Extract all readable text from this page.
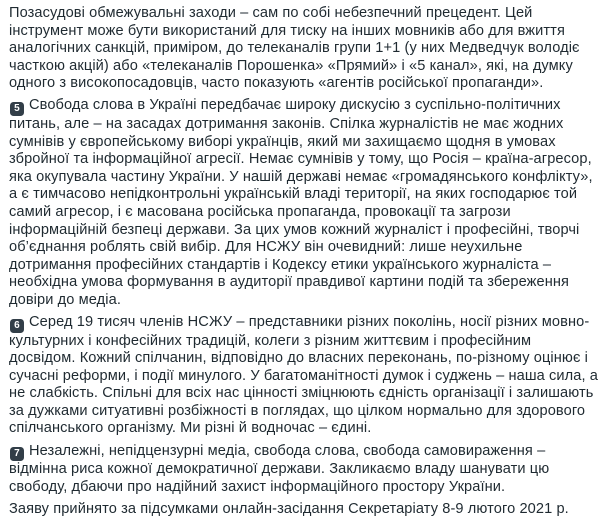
Позасудові обмежувальні заходи – сам по собі небезпечний прецедент. Цей інструмент може бути використаний для тиску на інших мовників або для вжиття аналогічних санкцій, приміром, до телеканалів групи 1+1 (у них Медведчук володіє часткою акцій) або «телеканалів Порошенка» «Прямий» і «5 канал», які, на думку одного з високопосадовців, часто показують «агентів російської пропаганди».

5 Свобода слова в Україні передбачає широку дискусію з суспільно-політичних питань, але – на засадах дотримання законів. Спілка журналістів не має жодних сумнівів у європейському виборі українців, який ми захищаємо щодня в умовах збройної та інформаційної агресії. Немає сумнівів у тому, що Росія – країна-агресор, яка окупувала частину України. У нашій державі немає «громадянського конфлікту», а є тимчасово непідконтрольні українській владі території, на яких господарює той самий агресор, і є масована російська пропаганда, провокації та загрози інформаційній безпеці держави. За цих умов кожний журналіст і професійні, творчі об’єднання роблять свій вибір. Для НСЖУ він очевидний: лише неухильне дотримання професійних стандартів і Кодексу етики українського журналіста – необхідна умова формування в аудиторії правдивої картини подій та збереження довіри до медіа.

6 Серед 19 тисяч членів НСЖУ – представники різних поколінь, носії різних мовно-культурних і конфесійних традицій, колеги з різним життєвим і професійним досвідом. Кожний спілчанин, відповідно до власних переконань, по-різному оцінює і сучасні реформи, і події минулого. У багатоманітності думок і суджень – наша сила, а не слабкість. Спільні для всіх нас цінності зміцнюють єдність організації і залишають за дужками ситуативні розбіжності в поглядах, що цілком нормально для здорового спілчанського організму. Ми різні й водночас – єдині.

7 Незалежні, непідцензурні медіа, свобода слова, свобода самовираження – відмінна риса кожної демократичної держави. Закликаємо владу шанувати цю свободу, дбаючи про надійний захист інформаційного простору України.

Заяву прийнято за підсумками онлайн-засідання Секретаріату 8-9 лютого 2021 р.
